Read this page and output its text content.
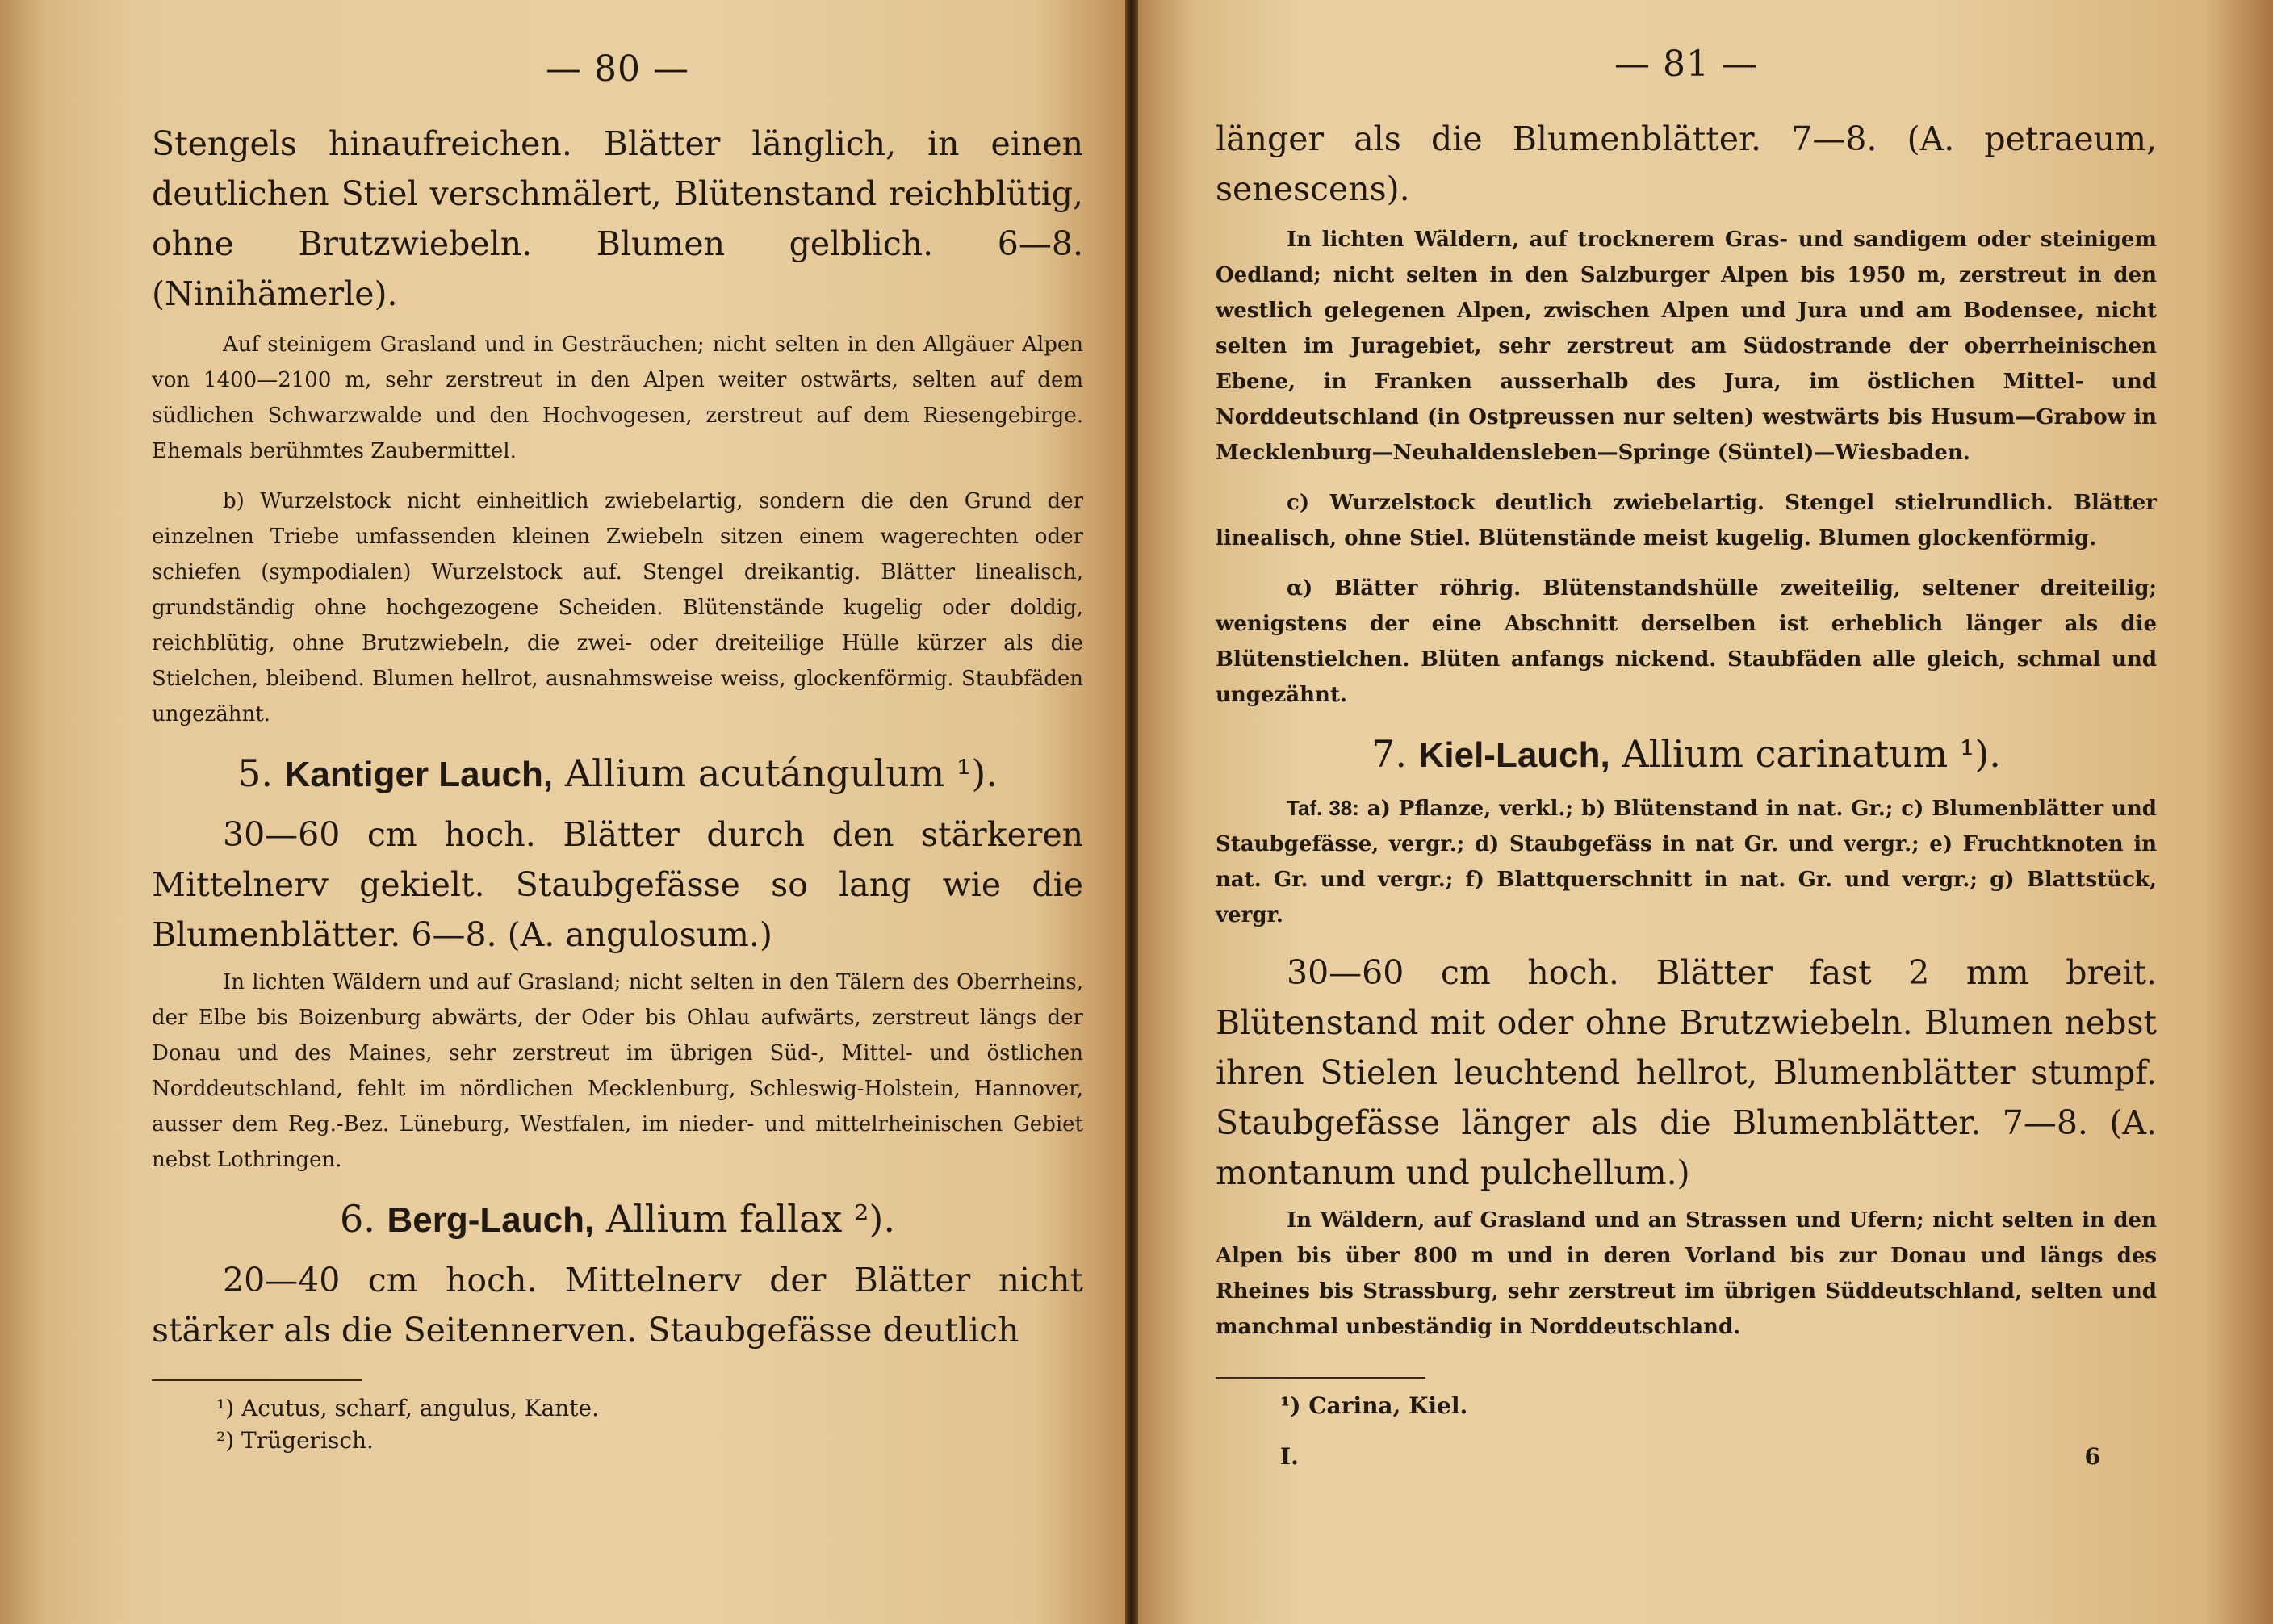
— 80 —

Stengels hinaufreichen. Blätter länglich, in einen deutlichen Stiel verschmälert, Blütenstand reichblütig, ohne Brutzwiebeln. Blumen gelblich. 6—8. (Ninihämerle).

Auf steinigem Grasland und in Gesträuchen; nicht selten in den Allgäuer Alpen von 1400—2100 m, sehr zerstreut in den Alpen weiter ostwärts, selten auf dem südlichen Schwarzwalde und den Hochvogesen, zerstreut auf dem Riesengebirge. Ehemals berühmtes Zaubermittel.

b) Wurzelstock nicht einheitlich zwiebelartig, sondern die den Grund der einzelnen Triebe umfassenden kleinen Zwiebeln sitzen einem wagerechten oder schiefen (sympodialen) Wurzelstock auf. Stengel dreikantig. Blätter linealisch, grundständig ohne hochgezogene Scheiden. Blütenstände kugelig oder doldig, reichblütig, ohne Brutzwiebeln, die zwei- oder dreiteilige Hülle kürzer als die Stielchen, bleibend. Blumen hellrot, ausnahmsweise weiss, glockenförmig. Staubfäden ungezähnt.

5. Kantiger Lauch, Allium acutángulum ¹).

30—60 cm hoch. Blätter durch den stärkeren Mittelnerv gekielt. Staubgefässe so lang wie die Blumenblätter. 6—8. (A. angulosum.)

In lichten Wäldern und auf Grasland; nicht selten in den Tälern des Oberrheins, der Elbe bis Boizenburg abwärts, der Oder bis Ohlau aufwärts, zerstreut längs der Donau und des Maines, sehr zerstreut im übrigen Süd-, Mittel- und östlichen Norddeutschland, fehlt im nördlichen Mecklenburg, Schleswig-Holstein, Hannover, ausser dem Reg.-Bez. Lüneburg, Westfalen, im nieder- und mittelrheinischen Gebiet nebst Lothringen.

6. Berg-Lauch, Allium fallax ²).

20—40 cm hoch. Mittelnerv der Blätter nicht stärker als die Seitennerven. Staubgefässe deutlich

¹) Acutus, scharf, angulus, Kante.
²) Trügerisch.
— 81 —

länger als die Blumenblätter. 7—8. (A. petraeum, senescens).

In lichten Wäldern, auf trocknerem Gras- und sandigem oder steinigem Oedland; nicht selten in den Salzburger Alpen bis 1950 m, zerstreut in den westlich gelegenen Alpen, zwischen Alpen und Jura und am Bodensee, nicht selten im Juragebiet, sehr zerstreut am Südostrande der oberrheinischen Ebene, in Franken ausserhalb des Jura, im östlichen Mittel- und Norddeutschland (in Ostpreussen nur selten) westwärts bis Husum—Grabow in Mecklenburg—Neuhaldensleben—Springe (Süntel)—Wiesbaden.

c) Wurzelstock deutlich zwiebelartig. Stengel stielrundlich. Blätter linealisch, ohne Stiel. Blütenstände meist kugelig. Blumen glockenförmig.

α) Blätter röhrig. Blütenstandshülle zweiteilig, seltener dreiteilig; wenigstens der eine Abschnitt derselben ist erheblich länger als die Blütenstielchen. Blüten anfangs nickend. Staubfäden alle gleich, schmal und ungezähnt.

7. Kiel-Lauch, Allium carinatum ¹).

Taf. 38: a) Pflanze, verkl.; b) Blütenstand in nat. Gr.; c) Blumenblätter und Staubgefässe, vergr.; d) Staubgefäss in nat Gr. und vergr.; e) Fruchtknoten in nat. Gr. und vergr.; f) Blattquerschnitt in nat. Gr. und vergr.; g) Blattstück, vergr.

30—60 cm hoch. Blätter fast 2 mm breit. Blütenstand mit oder ohne Brutzwiebeln. Blumen nebst ihren Stielen leuchtend hellrot, Blumenblätter stumpf. Staubgefässe länger als die Blumenblätter. 7—8. (A. montanum und pulchellum.)

In Wäldern, auf Grasland und an Strassen und Ufern; nicht selten in den Alpen bis über 800 m und in deren Vorland bis zur Donau und längs des Rheines bis Strassburg, sehr zerstreut im übrigen Süddeutschland, selten und manchmal unbeständig in Norddeutschland.

¹) Carina, Kiel.
I.	6
